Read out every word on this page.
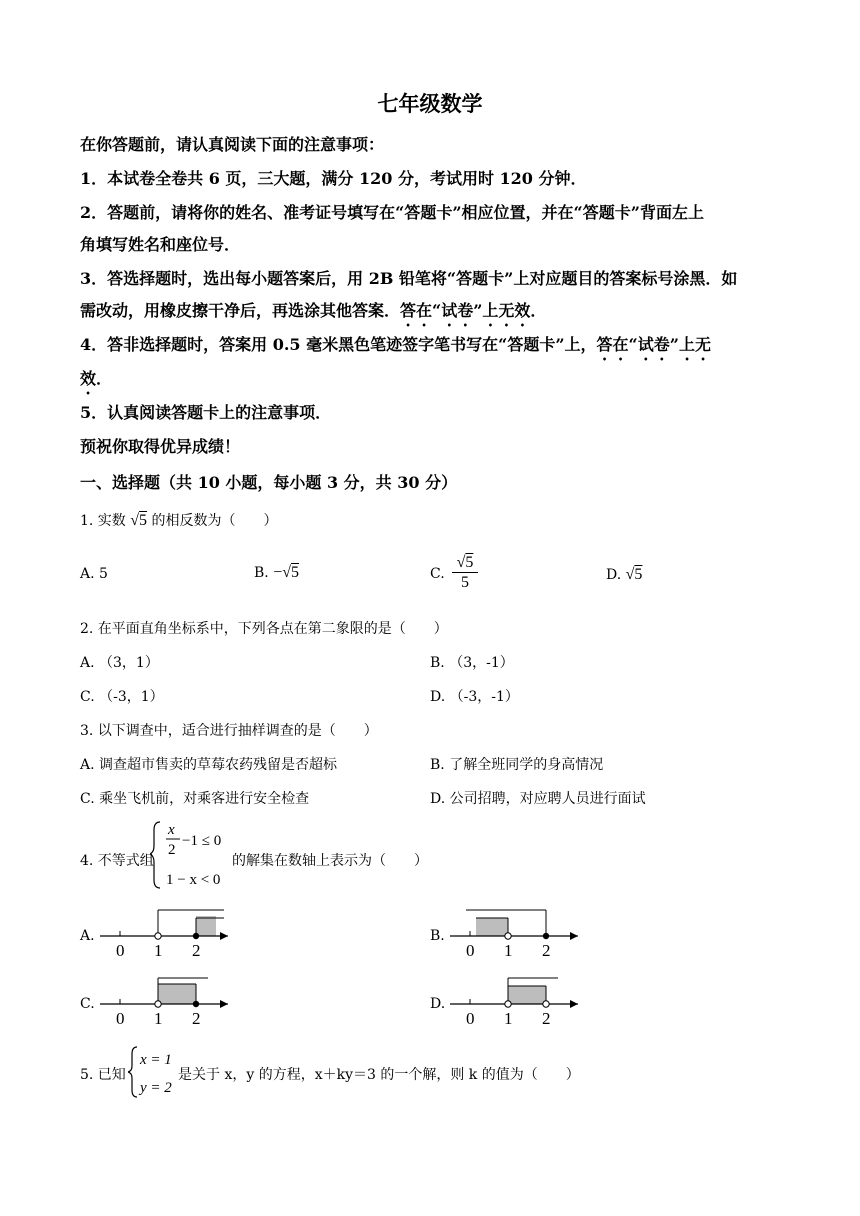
七年级数学
在你答题前，请认真阅读下面的注意事项：
1．本试卷全卷共 6 页，三大题，满分 120 分，考试用时 120 分钟．
2．答题前，请将你的姓名、准考证号填写在“答题卡”相应位置，并在“答题卡”背面左上
角填写姓名和座位号．
3．答选择题时，选出每小题答案后，用 2B 铅笔将“答题卡”上对应题目的答案标号涂黑．如
需改动，用橡皮擦干净后，再选涂其他答案．答在“试卷”上无效．
4．答非选择题时，答案用 0.5 毫米黑色笔迹签字笔书写在“答题卡”上，答在“试卷”上无
效．
5．认真阅读答题卡上的注意事项．
预祝你取得优异成绩！
一、选择题（共 10 小题，每小题 3 分，共 30 分）
1. 实数 √5 的相反数为（　　）
A. 5	B. −√5	C.
√5
5	D. √5
2. 在平面直角坐标系中，下列各点在第二象限的是（　　）
A. （3，1）	B. （3，-1）
C. （-3，1）	D. （-3，-1）
3. 以下调查中，适合进行抽样调查的是（　　）
A. 调查超市售卖的草莓农药残留是否超标	B. 了解全班同学的身高情况
C. 乘坐飞机前，对乘客进行安全检查	D. 公司招聘，对应聘人员进行面试
4. 不等式组
x
2
−1 ≤ 0
1 − x < 0
的解集在数轴上表示为（　　）
A.	B.
C.	D.
0 1 2	0 1 2
0 1 2	0 1 2
5. 已知
x = 1
y = 2
是关于 x，y 的方程，x＋ky＝3 的一个解，则 k 的值为（　　）
